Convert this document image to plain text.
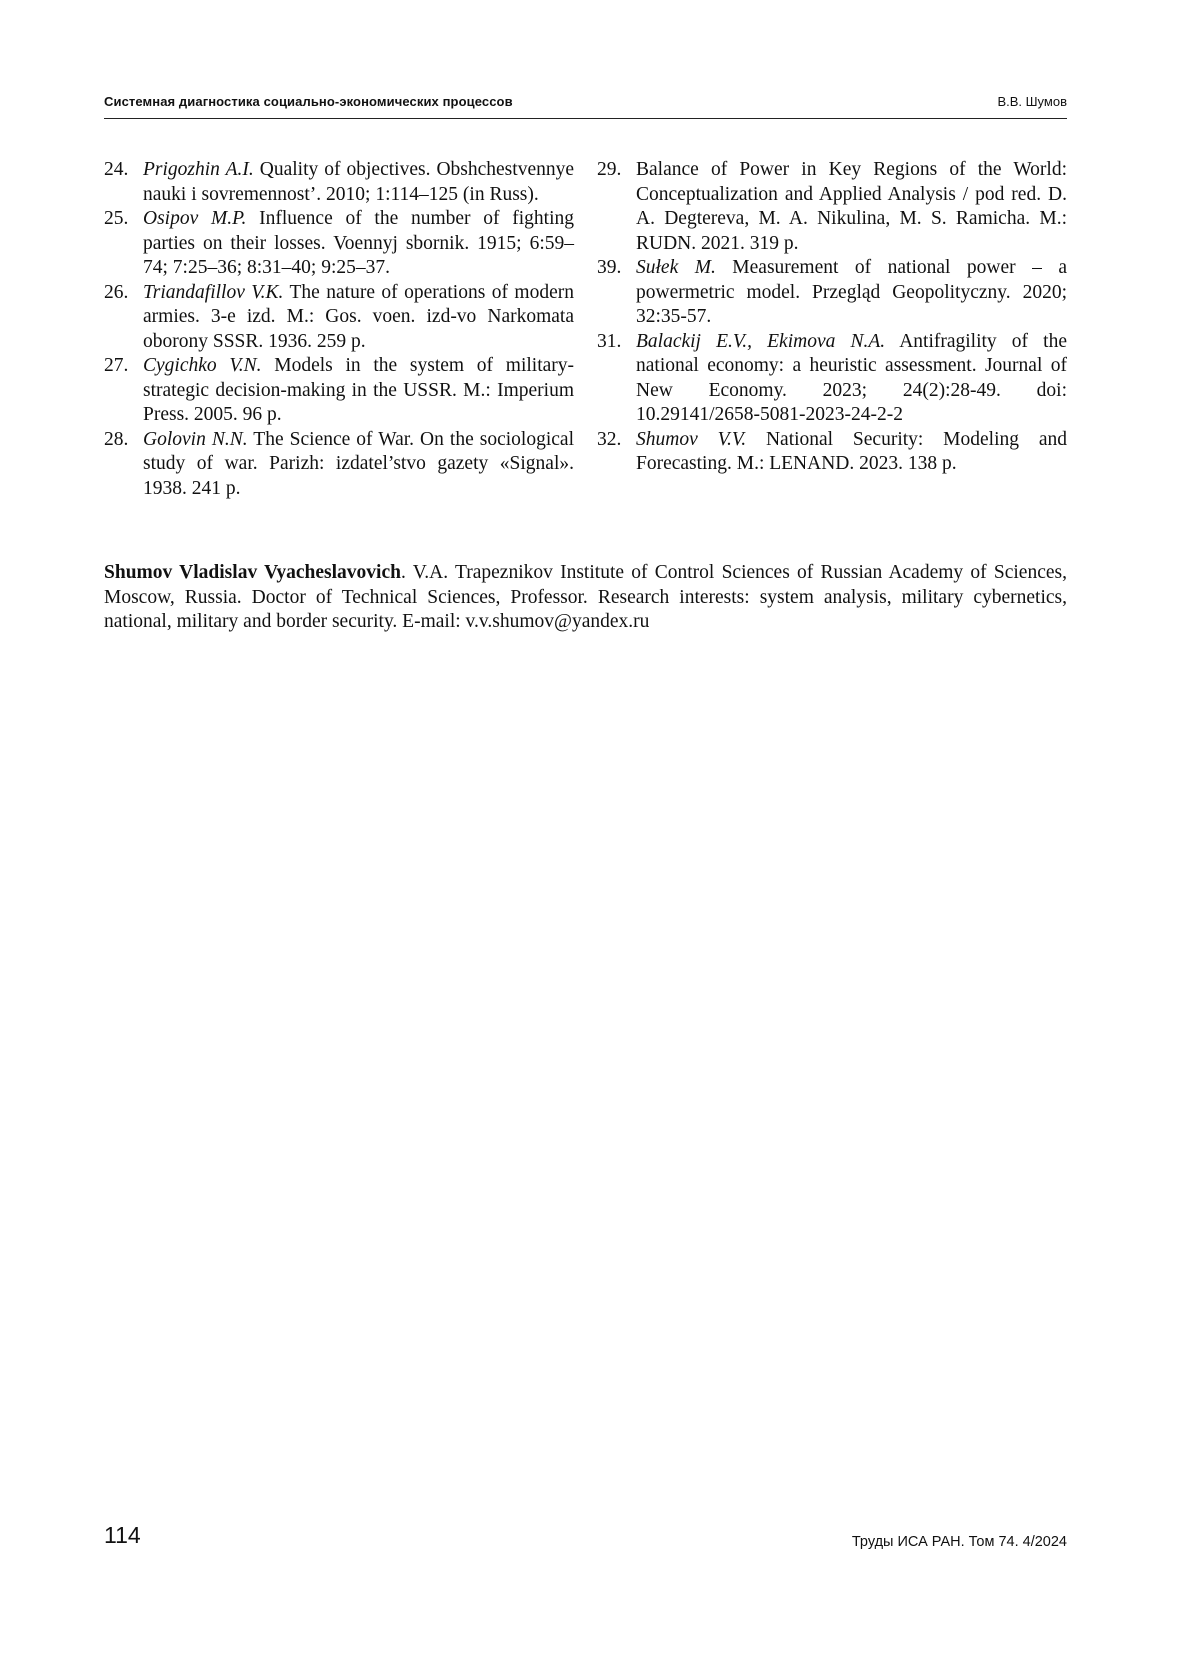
Системная диагностика социально-экономических процессов	В.В. Шумов
24. Prigozhin A.I. Quality of objectives. Obshchestvennye nauki i sovremennost’. 2010; 1:114–125 (in Russ).
25. Osipov M.P. Influence of the number of fighting parties on their losses. Voennyj sbornik. 1915; 6:59–74; 7:25–36; 8:31–40; 9:25–37.
26. Triandafillov V.K. The nature of operations of modern armies. 3-e izd. M.: Gos. voen. izd-vo Narkomata oborony SSSR. 1936. 259 p.
27. Cygichko V.N. Models in the system of military-strategic decision-making in the USSR. M.: Imperium Press. 2005. 96 p.
28. Golovin N.N. The Science of War. On the sociological study of war. Parizh: izdatel’stvo gazety «Signal». 1938. 241 p.
29. Balance of Power in Key Regions of the World: Conceptualization and Applied Analysis / pod red. D. A. Degtereva, M. A. Nikulina, M. S. Ramicha. M.: RUDN. 2021. 319 p.
39. Sułek M. Measurement of national power – a powermetric model. Przegląd Geopolityczny. 2020; 32:35-57.
31. Balackij E.V., Ekimova N.A. Antifragility of the national economy: a heuristic assessment. Journal of New Economy. 2023; 24(2):28-49. doi: 10.29141/2658-5081-2023-24-2-2
32. Shumov V.V. National Security: Modeling and Forecasting. M.: LENAND. 2023. 138 p.
Shumov Vladislav Vyacheslavovich. V.A. Trapeznikov Institute of Control Sciences of Russian Academy of Sciences, Moscow, Russia. Doctor of Technical Sciences, Professor. Research interests: system analysis, military cybernetics, national, military and border security. E-mail: v.v.shumov@yandex.ru
114	Труды ИСА РАН. Том 74. 4/2024
